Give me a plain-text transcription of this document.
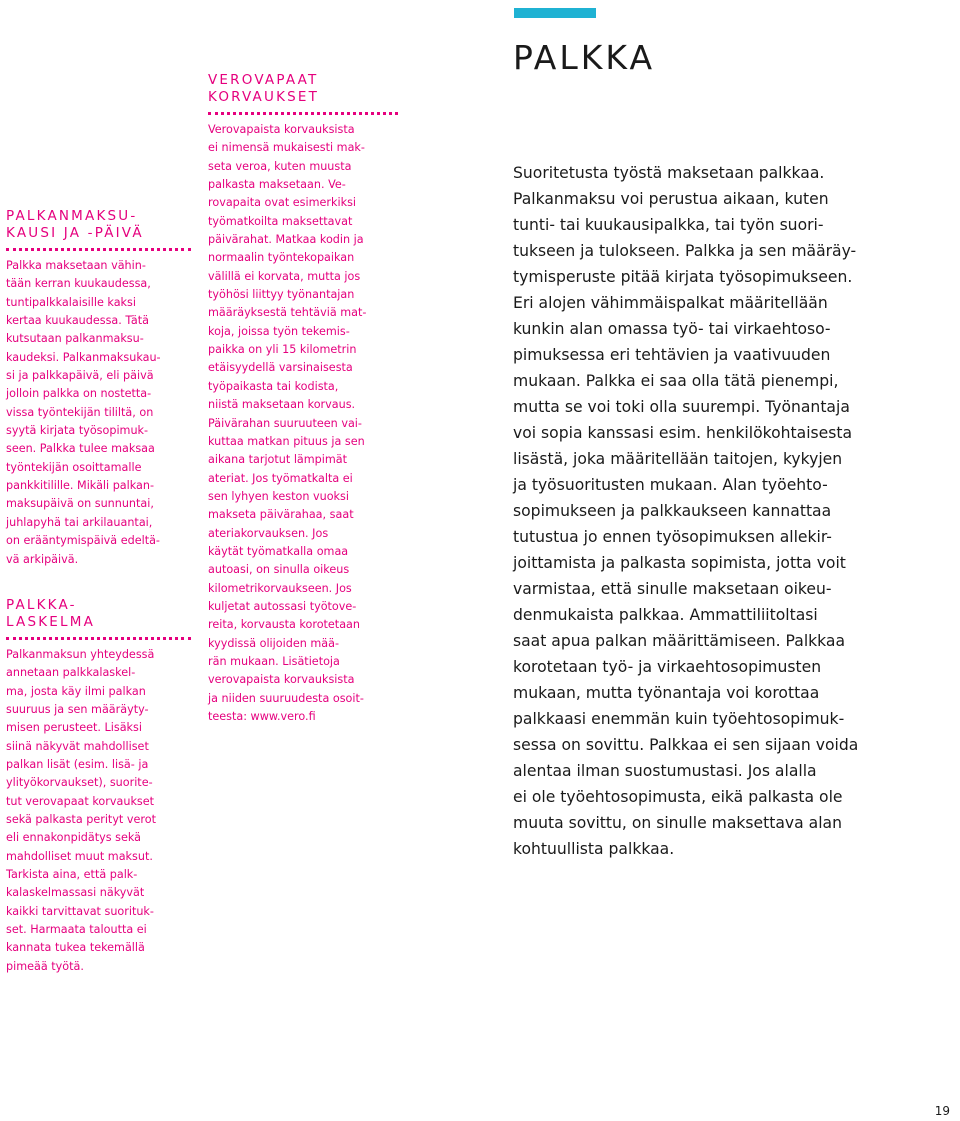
PALKKA
PALKANMAKSU-
KAUSI JA -PÄIVÄ

Palkka maksetaan vähin-
tään kerran kuukaudessa,
tuntipalkkalaisille kaksi
kertaa kuukaudessa. Tätä
kutsutaan palkanmaksu-
kaudeksi. Palkanmaksukau-
si ja palkkapäivä, eli päivä
jolloin palkka on nostetta-
vissa työntekijän tililtä, on
syytä kirjata työsopimuk-
seen. Palkka tulee maksaa
työntekijän osoittamalle
pankkitilille. Mikäli palkan-
maksupäivä on sunnuntai,
juhlapyhä tai arkilauantai,
on erääntymispäivä edeltä-
vä arkipäivä.

PALKKA-
LASKELMA

Palkanmaksun yhteydessä
annetaan palkkalaskel-
ma, josta käy ilmi palkan
suuruus ja sen määräyty-
misen perusteet. Lisäksi
siinä näkyvät mahdolliset
palkan lisät (esim. lisä- ja
ylityökorvaukset), suorite-
tut verovapaat korvaukset
sekä palkasta perityt verot
eli ennakonpidätys sekä
mahdolliset muut maksut.
Tarkista aina, että palk-
kalaskelmassasi näkyvät
kaikki tarvittavat suorituk-
set. Harmaata taloutta ei
kannata tukea tekemällä
pimeää työtä.

VEROVAPAAT
KORVAUKSET

Verovapaista korvauksista
ei nimensä mukaisesti mak-
seta veroa, kuten muusta
palkasta maksetaan. Ve-
rovapaita ovat esimerkiksi
työmatkoilta maksettavat
päivärahat. Matkaa kodin ja
normaalin työntekopaikan
välillä ei korvata, mutta jos
työhösi liittyy työnantajan
määräyksestä tehtäviä mat-
koja, joissa työn tekemis-
paikka on yli 15 kilometrin
etäisyydellä varsinaisesta
työpaikasta tai kodista,
niistä maksetaan korvaus.
Päivärahan suuruuteen vai-
kuttaa matkan pituus ja sen
aikana tarjotut lämpimät
ateriat. Jos työmatkalta ei
sen lyhyen keston vuoksi
makseta päivärahaa, saat
ateriakorvauksen. Jos
käytät työmatkalla omaa
autoasi, on sinulla oikeus
kilometrikorvaukseen. Jos
kuljetat autossasi työtove-
reita, korvausta korotetaan
kyydissä olijoiden mää-
rän mukaan. Lisätietoja
verovapaista korvauksista
ja niiden suuruudesta osoit-
teesta: www.vero.fi

Suoritetusta työstä maksetaan palkkaa.
Palkanmaksu voi perustua aikaan, kuten
tunti- tai kuukausipalkka, tai työn suori-
tukseen ja tulokseen. Palkka ja sen määräy-
tymisperuste pitää kirjata työsopimukseen.
Eri alojen vähimmäispalkat määritellään
kunkin alan omassa työ- tai virkaehtoso-
pimuksessa eri tehtävien ja vaativuuden
mukaan. Palkka ei saa olla tätä pienempi,
mutta se voi toki olla suurempi. Työnantaja
voi sopia kanssasi esim. henkilökohtaisesta
lisästä, joka määritellään taitojen, kykyjen
ja työsuoritusten mukaan. Alan työehto-
sopimukseen ja palkkaukseen kannattaa
tutustua jo ennen työsopimuksen allekir-
joittamista ja palkasta sopimista, jotta voit
varmistaa, että sinulle maksetaan oikeu-
denmukaista palkkaa. Ammattiliitoltasi
saat apua palkan määrittämiseen. Palkkaa
korotetaan työ- ja virkaehtosopimusten
mukaan, mutta työnantaja voi korottaa
palkkaasi enemmän kuin työehtosopimuk-
sessa on sovittu. Palkkaa ei sen sijaan voida
alentaa ilman suostumustasi. Jos alalla
ei ole työehtosopimusta, eikä palkasta ole
muuta sovittu, on sinulle maksettava alan
kohtuullista palkkaa.

19
